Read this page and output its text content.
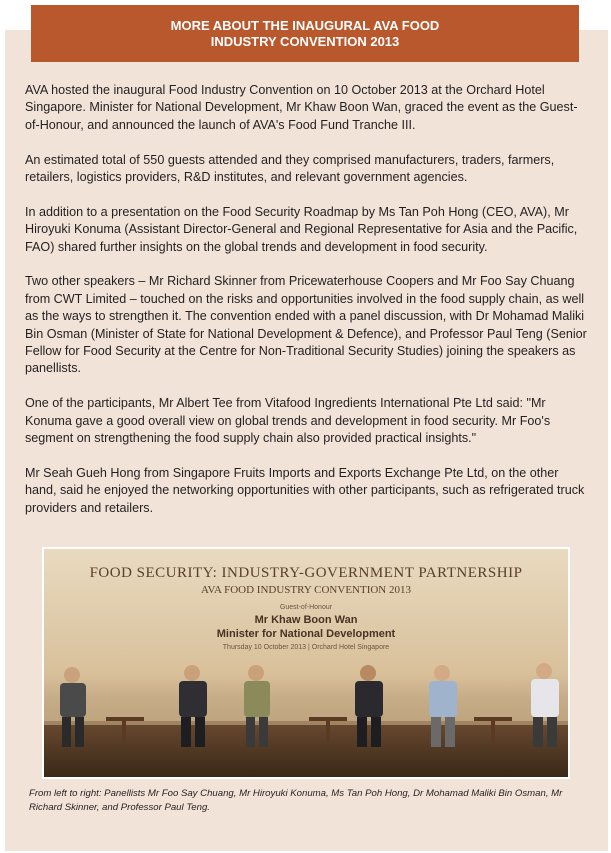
MORE ABOUT THE INAUGURAL AVA FOOD
INDUSTRY CONVENTION 2013

AVA hosted the inaugural Food Industry Convention on 10 October 2013 at the Orchard Hotel Singapore. Minister for National Development, Mr Khaw Boon Wan, graced the event as the Guest-of-Honour, and announced the launch of AVA's Food Fund Tranche III.

An estimated total of 550 guests attended and they comprised manufacturers, traders, farmers, retailers, logistics providers, R&D institutes, and relevant government agencies.

In addition to a presentation on the Food Security Roadmap by Ms Tan Poh Hong (CEO, AVA), Mr Hiroyuki Konuma (Assistant Director-General and Regional Representative for Asia and the Pacific, FAO) shared further insights on the global trends and development in food security.

Two other speakers – Mr Richard Skinner from Pricewaterhouse Coopers and Mr Foo Say Chuang from CWT Limited – touched on the risks and opportunities involved in the food supply chain, as well as the ways to strengthen it. The convention ended with a panel discussion, with Dr Mohamad Maliki Bin Osman (Minister of State for National Development & Defence), and Professor Paul Teng (Senior Fellow for Food Security at the Centre for Non-Traditional Security Studies) joining the speakers as panellists.

One of the participants, Mr Albert Tee from Vitafood Ingredients International Pte Ltd said: "Mr Konuma gave a good overall view on global trends and development in food security. Mr Foo's segment on strengthening the food supply chain also provided practical insights."

Mr Seah Gueh Hong from Singapore Fruits Imports and Exports Exchange Pte Ltd, on the other hand, said he enjoyed the networking opportunities with other participants, such as refrigerated truck providers and retailers.

FOOD SECURITY: INDUSTRY-GOVERNMENT PARTNERSHIP
AVA FOOD INDUSTRY CONVENTION 2013
Guest-of-Honour
Mr Khaw Boon Wan
Minister for National Development
Thursday 10 October 2013 | Orchard Hotel Singapore
From left to right: Panellists Mr Foo Say Chuang, Mr Hiroyuki Konuma, Ms Tan Poh Hong, Dr Mohamad Maliki Bin Osman, Mr Richard Skinner, and Professor Paul Teng.
